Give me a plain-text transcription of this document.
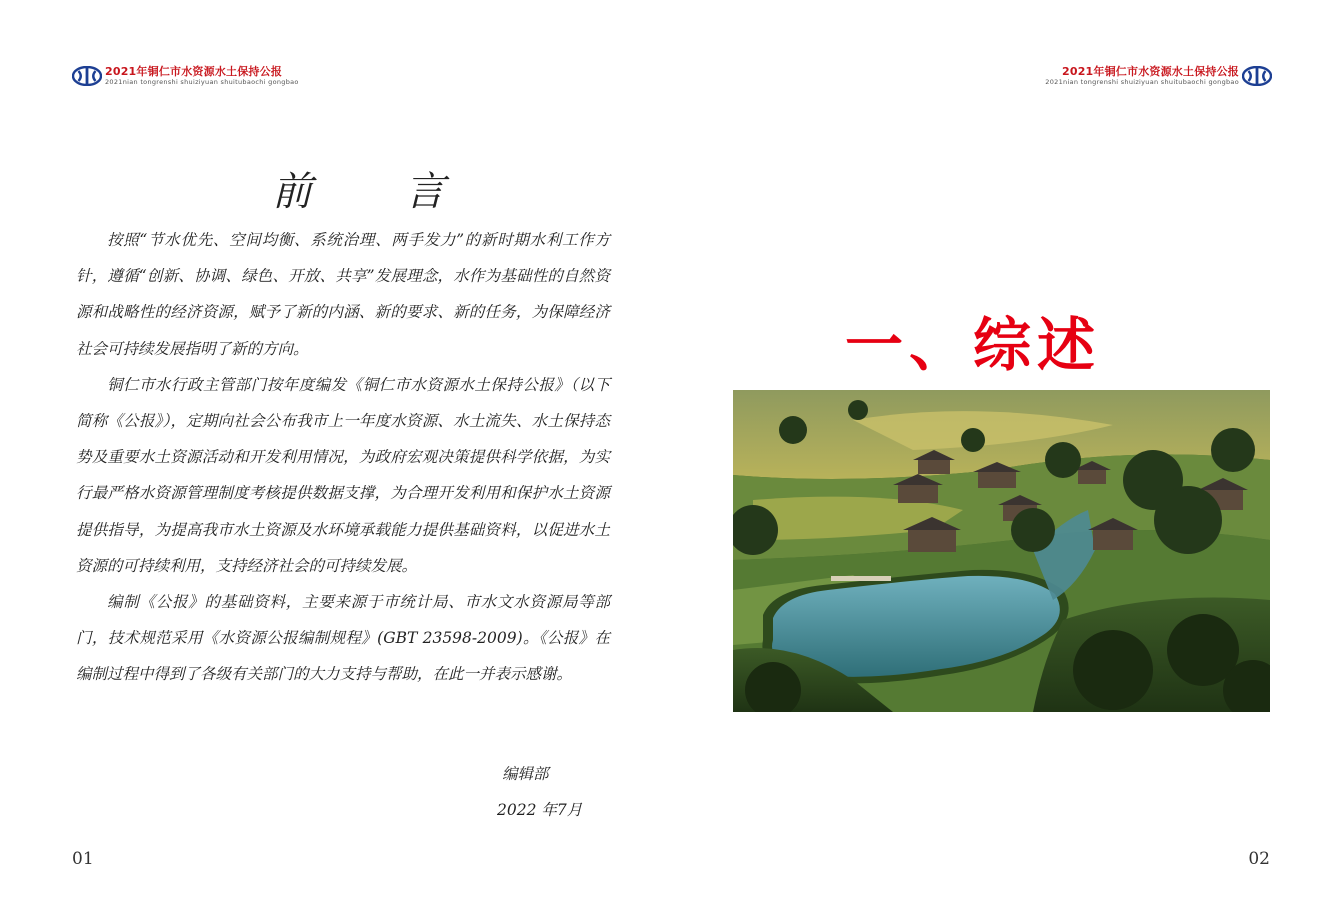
2021年铜仁市水资源水土保持公报
2021nian tongrenshi shuiziyuan shuitubaochi gongbao
前 言

按照“节水优先、空间均衡、系统治理、两手发力”的新时期水利工作方针，遵循“创新、协调、绿色、开放、共享”发展理念，水作为基础性的自然资源和战略性的经济资源，赋予了新的内涵、新的要求、新的任务，为保障经济社会可持续发展指明了新的方向。

铜仁市水行政主管部门按年度编发《铜仁市水资源水土保持公报》（以下简称《公报》），定期向社会公布我市上一年度水资源、水土流失、水土保持态势及重要水土资源活动和开发利用情况，为政府宏观决策提供科学依据，为实行最严格水资源管理制度考核提供数据支撑，为合理开发利用和保护水土资源提供指导，为提高我市水土资源及水环境承载能力提供基础资料，以促进水土资源的可持续利用，支持经济社会的可持续发展。

编制《公报》的基础资料，主要来源于市统计局、市水文水资源局等部门，技术规范采用《水资源公报编制规程》(GBT 23598-2009)。《公报》在编制过程中得到了各级有关部门的大力支持与帮助，在此一并表示感谢。

编辑部
2022 年7月
01
2021年铜仁市水资源水土保持公报
2021nian tongrenshi shuiziyuan shuitubaochi gongbao
一、综述
02
